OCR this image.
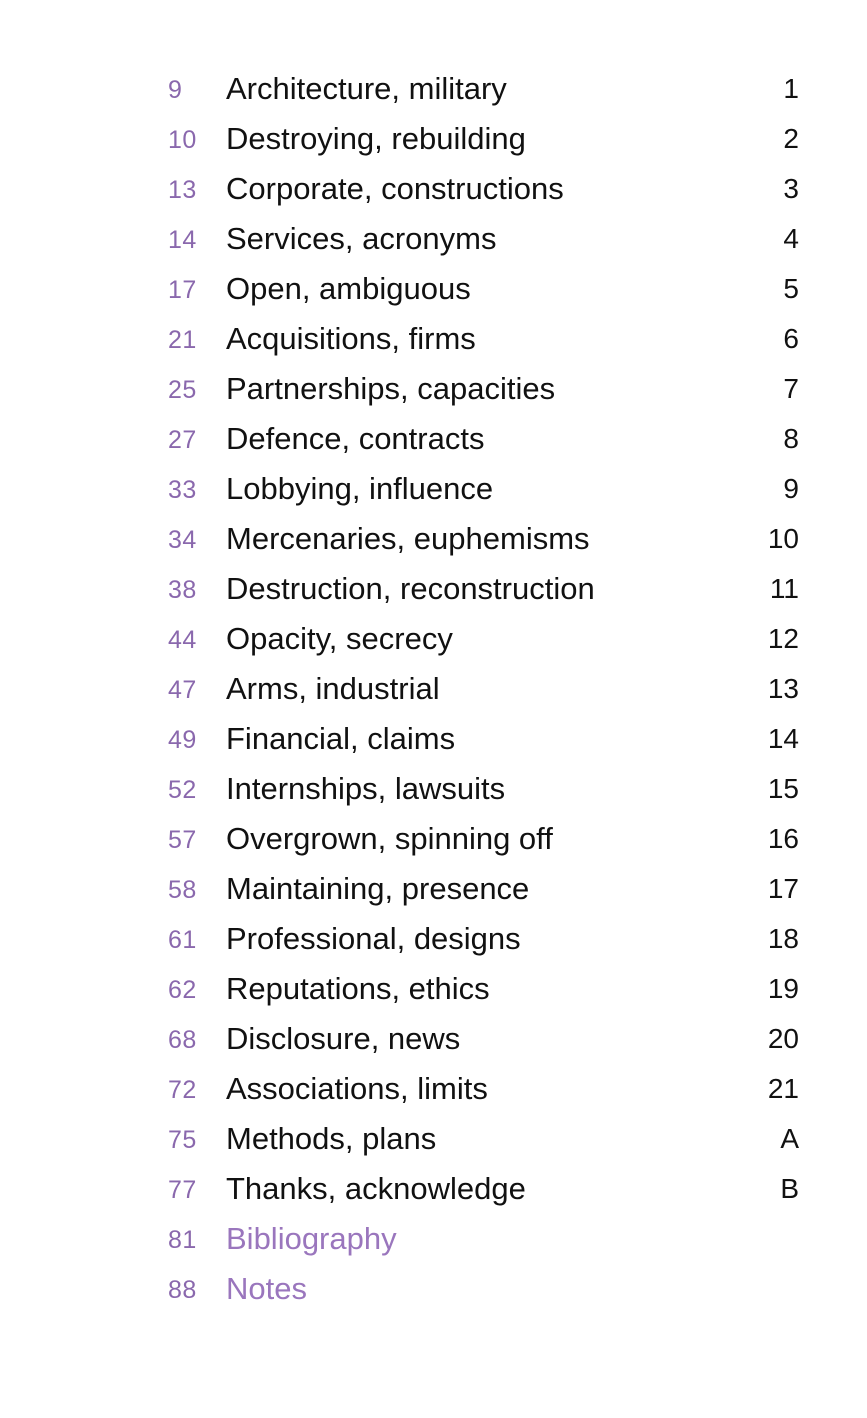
9 Architecture, military	1
10 Destroying, rebuilding	2
13 Corporate, constructions	3
14 Services, acronyms	4
17 Open, ambiguous	5
21 Acquisitions, firms	6
25 Partnerships, capacities	7
27 Defence, contracts	8
33 Lobbying, influence	9
34 Mercenaries, euphemisms	10
38 Destruction, reconstruction	11
44 Opacity, secrecy	12
47 Arms, industrial	13
49 Financial, claims	14
52 Internships, lawsuits	15
57 Overgrown, spinning off	16
58 Maintaining, presence	17
61 Professional, designs	18
62 Reputations, ethics	19
68 Disclosure, news	20
72 Associations, limits	21
75 Methods, plans	A
77 Thanks, acknowledge	B
81 Bibliography
88 Notes
